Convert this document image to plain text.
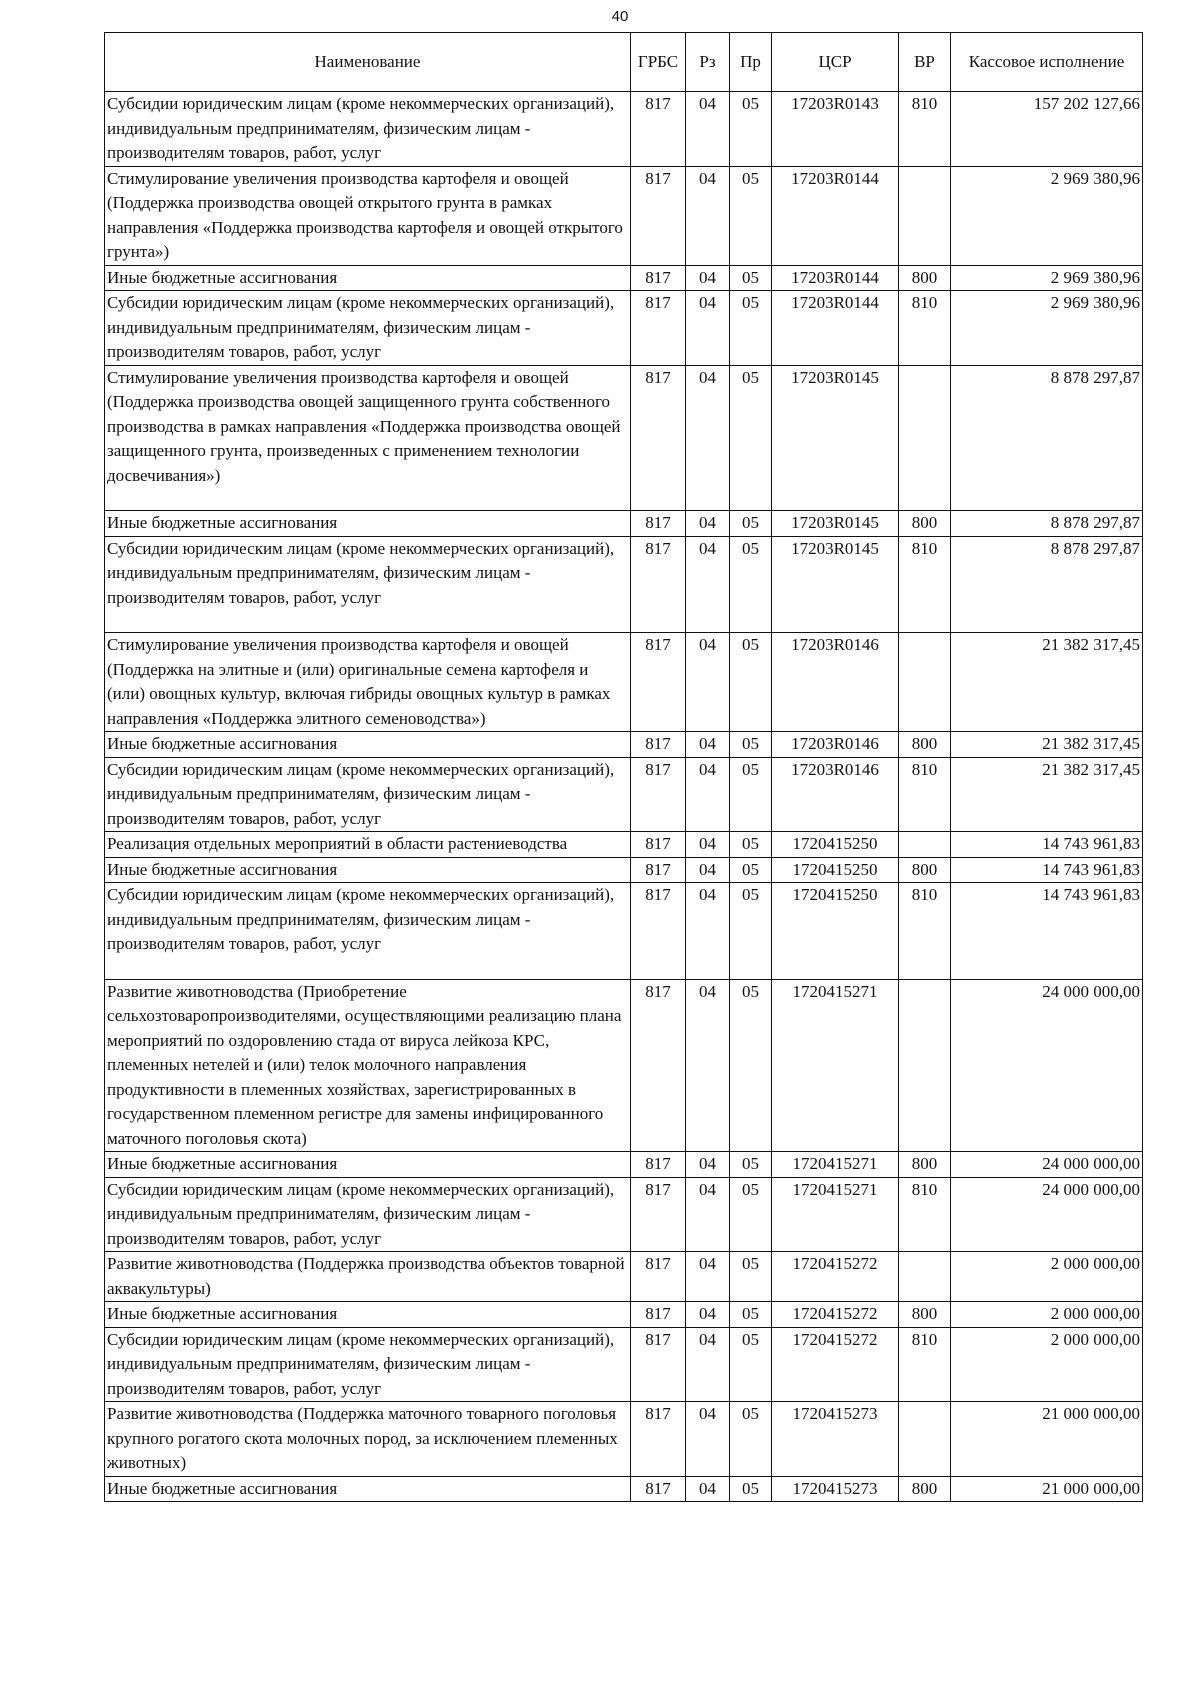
40
Наименование	ГРБС	Рз	Пр	ЦСР	ВР	Кассовое исполнение
Субсидии юридическим лицам (кроме некоммерческих организаций), индивидуальным предпринимателям, физическим лицам - производителям товаров, работ, услуг	817	04	05	17203R0143	810	157 202 127,66
Стимулирование увеличения производства картофеля и овощей (Поддержка производства овощей открытого грунта в рамках направления «Поддержка производства картофеля и овощей открытого грунта»)	817	04	05	17203R0144		2 969 380,96
Иные бюджетные ассигнования	817	04	05	17203R0144	800	2 969 380,96
Субсидии юридическим лицам (кроме некоммерческих организаций), индивидуальным предпринимателям, физическим лицам - производителям товаров, работ, услуг	817	04	05	17203R0144	810	2 969 380,96
Стимулирование увеличения производства картофеля и овощей (Поддержка производства овощей защищенного грунта собственного производства в рамках направления «Поддержка производства овощей защищенного грунта, произведенных с применением технологии досвечивания»)	817	04	05	17203R0145		8 878 297,87
Иные бюджетные ассигнования	817	04	05	17203R0145	800	8 878 297,87
Субсидии юридическим лицам (кроме некоммерческих организаций), индивидуальным предпринимателям, физическим лицам - производителям товаров, работ, услуг	817	04	05	17203R0145	810	8 878 297,87
Стимулирование увеличения производства картофеля и овощей (Поддержка на элитные и (или) оригинальные семена картофеля и (или) овощных культур, включая гибриды овощных культур в рамках направления «Поддержка элитного семеноводства»)	817	04	05	17203R0146		21 382 317,45
Иные бюджетные ассигнования	817	04	05	17203R0146	800	21 382 317,45
Субсидии юридическим лицам (кроме некоммерческих организаций), индивидуальным предпринимателям, физическим лицам - производителям товаров, работ, услуг	817	04	05	17203R0146	810	21 382 317,45
Реализация отдельных мероприятий в области растениеводства	817	04	05	1720415250		14 743 961,83
Иные бюджетные ассигнования	817	04	05	1720415250	800	14 743 961,83
Субсидии юридическим лицам (кроме некоммерческих организаций), индивидуальным предпринимателям, физическим лицам - производителям товаров, работ, услуг	817	04	05	1720415250	810	14 743 961,83
Развитие животноводства (Приобретение сельхозтоваропроизводителями, осуществляющими реализацию плана мероприятий по оздоровлению стада от вируса лейкоза КРС, племенных нетелей и (или) телок молочного направления продуктивности в племенных хозяйствах, зарегистрированных в государственном племенном регистре для замены инфицированного маточного поголовья скота)	817	04	05	1720415271		24 000 000,00
Иные бюджетные ассигнования	817	04	05	1720415271	800	24 000 000,00
Субсидии юридическим лицам (кроме некоммерческих организаций), индивидуальным предпринимателям, физическим лицам - производителям товаров, работ, услуг	817	04	05	1720415271	810	24 000 000,00
Развитие животноводства (Поддержка производства объектов товарной аквакультуры)	817	04	05	1720415272		2 000 000,00
Иные бюджетные ассигнования	817	04	05	1720415272	800	2 000 000,00
Субсидии юридическим лицам (кроме некоммерческих организаций), индивидуальным предпринимателям, физическим лицам - производителям товаров, работ, услуг	817	04	05	1720415272	810	2 000 000,00
Развитие животноводства (Поддержка маточного товарного поголовья крупного рогатого скота молочных пород, за исключением племенных животных)	817	04	05	1720415273		21 000 000,00
Иные бюджетные ассигнования	817	04	05	1720415273	800	21 000 000,00
